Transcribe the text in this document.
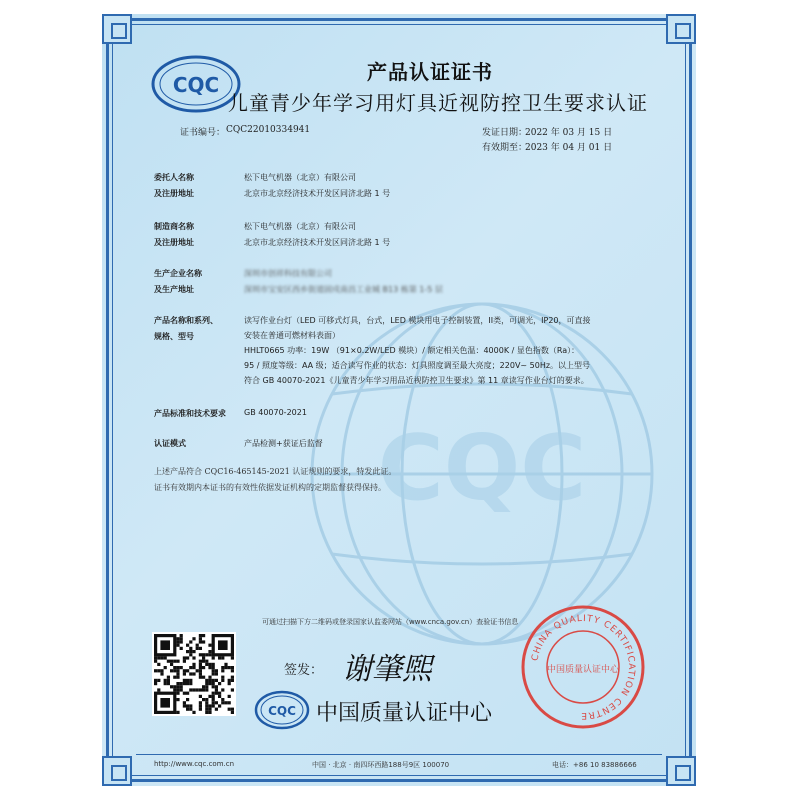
CQC
CQC
产品认证证书
儿童青少年学习用灯具近视防控卫生要求认证
证书编号： CQC22010334941	发证日期：
2022 年 03 月 15 日
有效期至：
2023 年 04 月 01 日
委托人名称	松下电气机器（北京）有限公司
及注册地址	北京市北京经济技术开发区同济北路 1 号
制造商名称	松下电气机器（北京）有限公司
及注册地址	北京市北京经济技术开发区同济北路 1 号
生产企业名称	深圳市创祥科技有限公司
及生产地址	深圳市宝安区西乡街道固戍南昌工业城 B13 栋第 1-5 层
产品名称和系列、
规格、型号
读写作业台灯（LED 可移式灯具，台式，LED 模块用电子控制装置，II类，可调光，IP20，可直接
安装在普通可燃材料表面）
HHLT0665 功率：19W （91×0.2W/LED 模块）/ 额定相关色温：4000K / 显色指数（Ra）：
95 / 照度等级：AA 级；适合读写作业的状态：灯具照度调至最大亮度；220V~ 50Hz。以上型号
符合 GB 40070-2021《儿童青少年学习用品近视防控卫生要求》第 11 章读写作业台灯的要求。
产品标准和技术要求 GB 40070-2021
认证模式	产品检测+获证后监督
上述产品符合 CQC16-465145-2021 认证规则的要求，特发此证。
证书有效期内本证书的有效性依据发证机构的定期监督获得保持。
可通过扫描下方二维码或登录国家认监委网站（www.cnca.gov.cn）查验证书信息
签发： 谢肇煕
CQC 中国质量认证中心
CHINA QUALITY CERTIFICATION CENTRE
中国质量认证中心
http://www.cqc.com.cn	中国 · 北京 · 南四环西路188号9区 100070	电话：+86 10 83886666
